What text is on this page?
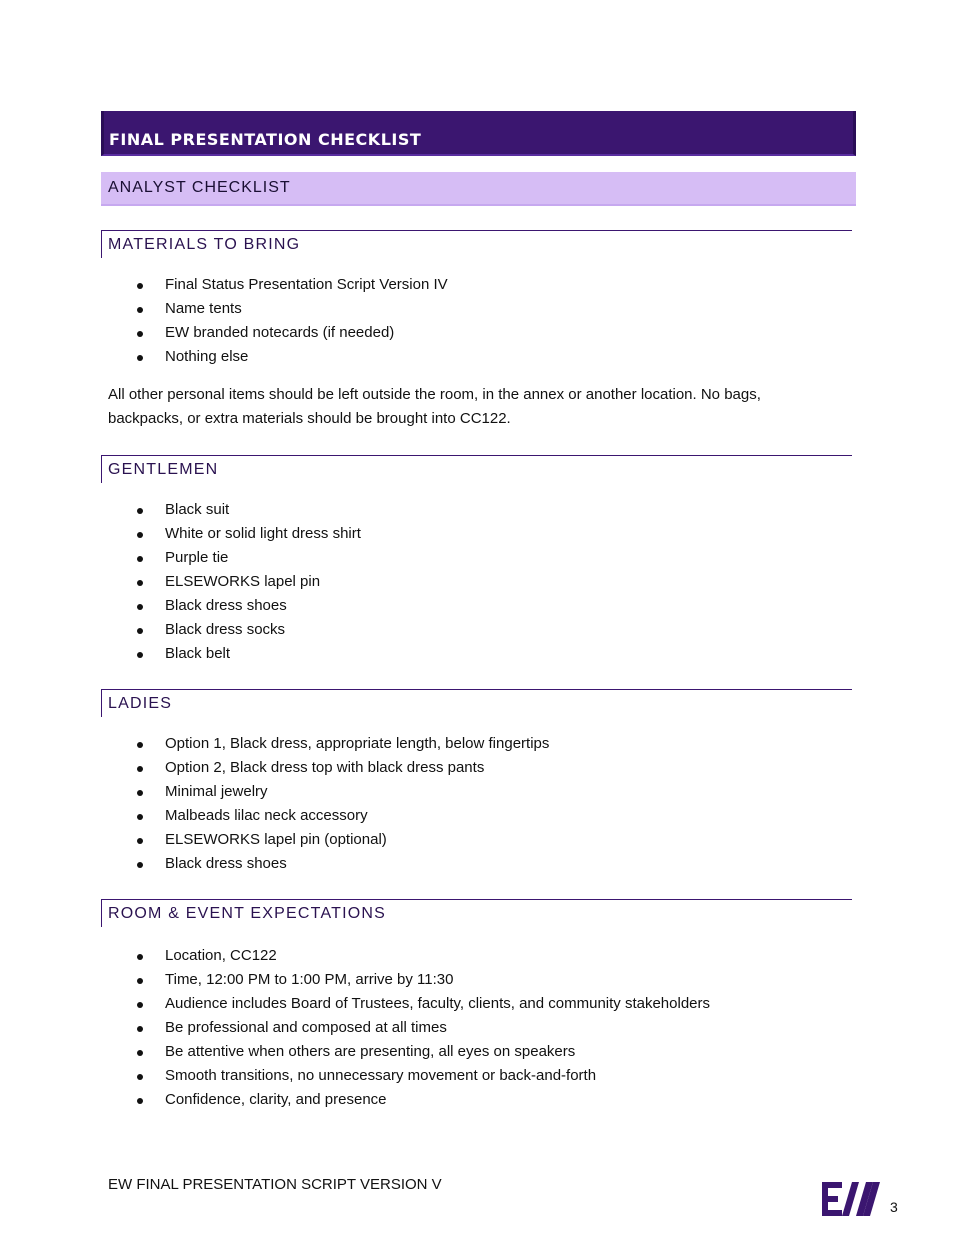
FINAL PRESENTATION CHECKLIST
ANALYST CHECKLIST
MATERIALS TO BRING
Final Status Presentation Script Version IV
Name tents
EW branded notecards (if needed)
Nothing else

All other personal items should be left outside the room, in the annex or another location. No bags, backpacks, or extra materials should be brought into CC122.

GENTLEMEN
Black suit
White or solid light dress shirt
Purple tie
ELSEWORKS lapel pin
Black dress shoes
Black dress socks
Black belt
LADIES
Option 1, Black dress, appropriate length, below fingertips
Option 2, Black dress top with black dress pants
Minimal jewelry
Malbeads lilac neck accessory
ELSEWORKS lapel pin (optional)
Black dress shoes
ROOM & EVENT EXPECTATIONS
Location, CC122
Time, 12:00 PM to 1:00 PM, arrive by 11:30
Audience includes Board of Trustees, faculty, clients, and community stakeholders
Be professional and composed at all times
Be attentive when others are presenting, all eyes on speakers
Smooth transitions, no unnecessary movement or back-and-forth
Confidence, clarity, and presence
EW FINAL PRESENTATION SCRIPT VERSION V
3
